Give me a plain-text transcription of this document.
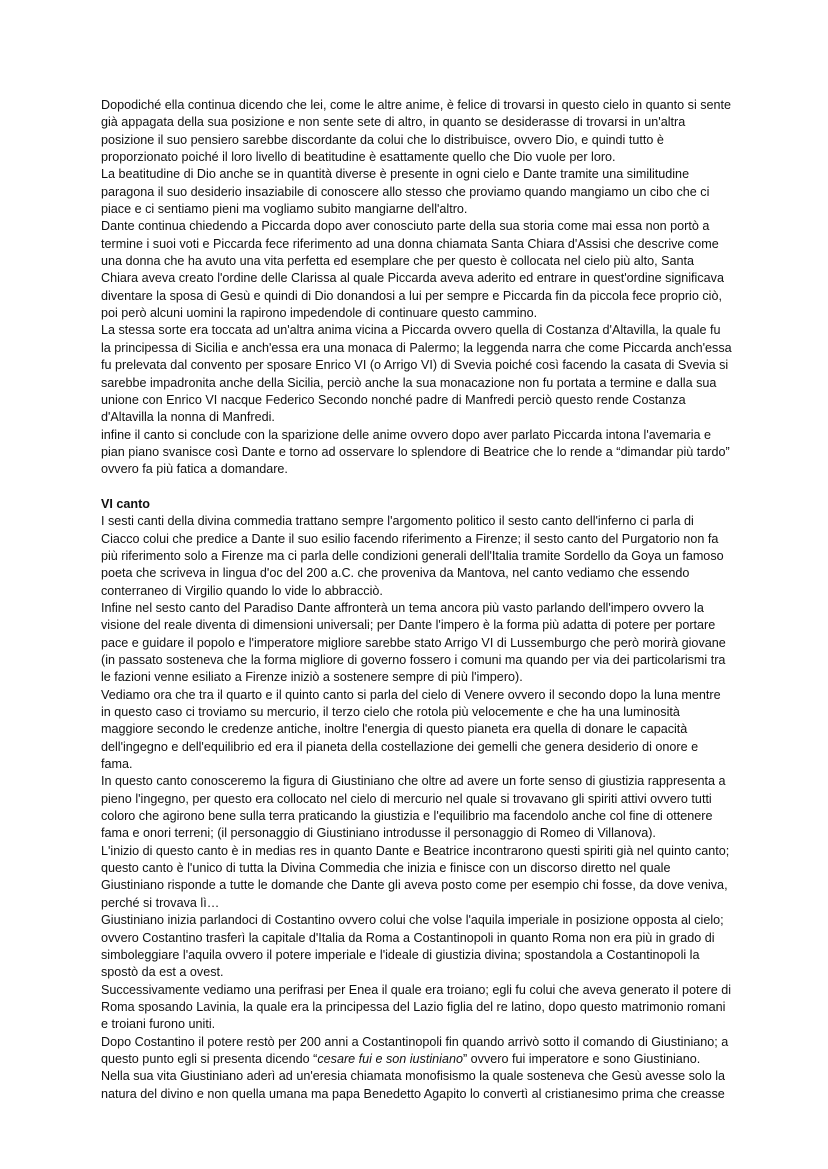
Dopodiché ella continua dicendo che lei, come le altre anime, è felice di trovarsi in questo cielo in quanto si sente

già appagata della sua posizione e non sente sete di altro, in quanto se desiderasse di trovarsi in un'altra

posizione il suo pensiero sarebbe discordante da colui che lo distribuisce, ovvero Dio, e quindi tutto è

proporzionato poiché il loro livello di beatitudine è esattamente quello che Dio vuole per loro.

La beatitudine di Dio anche se in quantità diverse è presente in ogni cielo e Dante tramite una similitudine

paragona il suo desiderio insaziabile di conoscere allo stesso che proviamo quando mangiamo un cibo che ci

piace e ci sentiamo pieni ma vogliamo subito mangiarne dell'altro.

Dante continua chiedendo a Piccarda dopo aver conosciuto parte della sua storia come mai essa non portò a

termine i suoi voti e Piccarda fece riferimento ad una donna chiamata Santa Chiara d'Assisi che descrive come

una donna che ha avuto una vita perfetta ed esemplare che per questo è collocata nel cielo più alto, Santa

Chiara aveva creato l'ordine delle Clarissa al quale Piccarda aveva aderito ed entrare in quest'ordine significava

diventare la sposa di Gesù e quindi di Dio donandosi a lui per sempre e Piccarda fin da piccola fece proprio ciò,

poi però alcuni uomini la rapirono impedendole di continuare questo cammino.

La stessa sorte era toccata ad un'altra anima vicina a Piccarda ovvero quella di Costanza d'Altavilla, la quale fu

la principessa di Sicilia e anch'essa era una monaca di Palermo; la leggenda narra che come Piccarda anch'essa

fu prelevata dal convento per sposare Enrico VI (o Arrigo VI) di Svevia poiché così facendo la casata di Svevia si

sarebbe impadronita anche della Sicilia, perciò anche la sua monacazione non fu portata a termine e dalla sua

unione con Enrico VI nacque Federico Secondo nonché padre di Manfredi perciò questo rende Costanza

d'Altavilla la nonna di Manfredi.

infine il canto si conclude con la sparizione delle anime ovvero dopo aver parlato Piccarda intona l'avemaria e

pian piano svanisce così Dante e torno ad osservare lo splendore di Beatrice che lo rende a “dimandar più tardo”

ovvero fa più fatica a domandare.

VI canto

I sesti canti della divina commedia trattano sempre l'argomento politico il sesto canto dell'inferno ci parla di

Ciacco colui che predice a Dante il suo esilio facendo riferimento a Firenze; il sesto canto del Purgatorio non fa

più riferimento solo a Firenze ma ci parla delle condizioni generali dell'Italia tramite Sordello da Goya un famoso

poeta che scriveva in lingua d'oc del 200 a.C. che proveniva da Mantova, nel canto vediamo che essendo

conterraneo di Virgilio quando lo vide lo abbracciò.

Infine nel sesto canto del Paradiso Dante affronterà un tema ancora più vasto parlando dell'impero ovvero la

visione del reale diventa di dimensioni universali; per Dante l'impero è la forma più adatta di potere per portare

pace e guidare il popolo e l'imperatore migliore sarebbe stato Arrigo VI di Lussemburgo che però morirà giovane

(in passato sosteneva che la forma migliore di governo fossero i comuni ma quando per via dei particolarismi tra

le fazioni venne esiliato a Firenze iniziò a sostenere sempre di più l'impero).

Vediamo ora che tra il quarto e il quinto canto si parla del cielo di Venere ovvero il secondo dopo la luna mentre

in questo caso ci troviamo su mercurio, il terzo cielo che rotola più velocemente e che ha una luminosità

maggiore secondo le credenze antiche, inoltre l'energia di questo pianeta era quella di donare le capacità

dell'ingegno e dell'equilibrio ed era il pianeta della costellazione dei gemelli che genera desiderio di onore e

fama.

In questo canto conosceremo la figura di Giustiniano che oltre ad avere un forte senso di giustizia rappresenta a

pieno l'ingegno, per questo era collocato nel cielo di mercurio nel quale si trovavano gli spiriti attivi ovvero tutti

coloro che agirono bene sulla terra praticando la giustizia e l'equilibrio ma facendolo anche col fine di ottenere

fama e onori terreni; (il personaggio di Giustiniano introdusse il personaggio di Romeo di Villanova).

L'inizio di questo canto è in medias res in quanto Dante e Beatrice incontrarono questi spiriti già nel quinto canto;

questo canto è l'unico di tutta la Divina Commedia che inizia e finisce con un discorso diretto nel quale

Giustiniano risponde a tutte le domande che Dante gli aveva posto come per esempio chi fosse, da dove veniva,

perché si trovava lì…

Giustiniano inizia parlandoci di Costantino ovvero colui che volse l'aquila imperiale in posizione opposta al cielo;

ovvero Costantino trasferì la capitale d'Italia da Roma a Costantinopoli in quanto Roma non era più in grado di

simboleggiare l'aquila ovvero il potere imperiale e l'ideale di giustizia divina; spostandola a Costantinopoli la

spostò da est a ovest.

Successivamente vediamo una perifrasi per Enea il quale era troiano; egli fu colui che aveva generato il potere di

Roma sposando Lavinia, la quale era la principessa del Lazio figlia del re latino, dopo questo matrimonio romani

e troiani furono uniti.

Dopo Costantino il potere restò per 200 anni a Costantinopoli fin quando arrivò sotto il comando di Giustiniano; a

questo punto egli si presenta dicendo “cesare fui e son iustiniano” ovvero fui imperatore e sono Giustiniano.

Nella sua vita Giustiniano aderì ad un'eresia chiamata monofisismo la quale sosteneva che Gesù avesse solo la

natura del divino e non quella umana ma papa Benedetto Agapito lo convertì al cristianesimo prima che creasse
